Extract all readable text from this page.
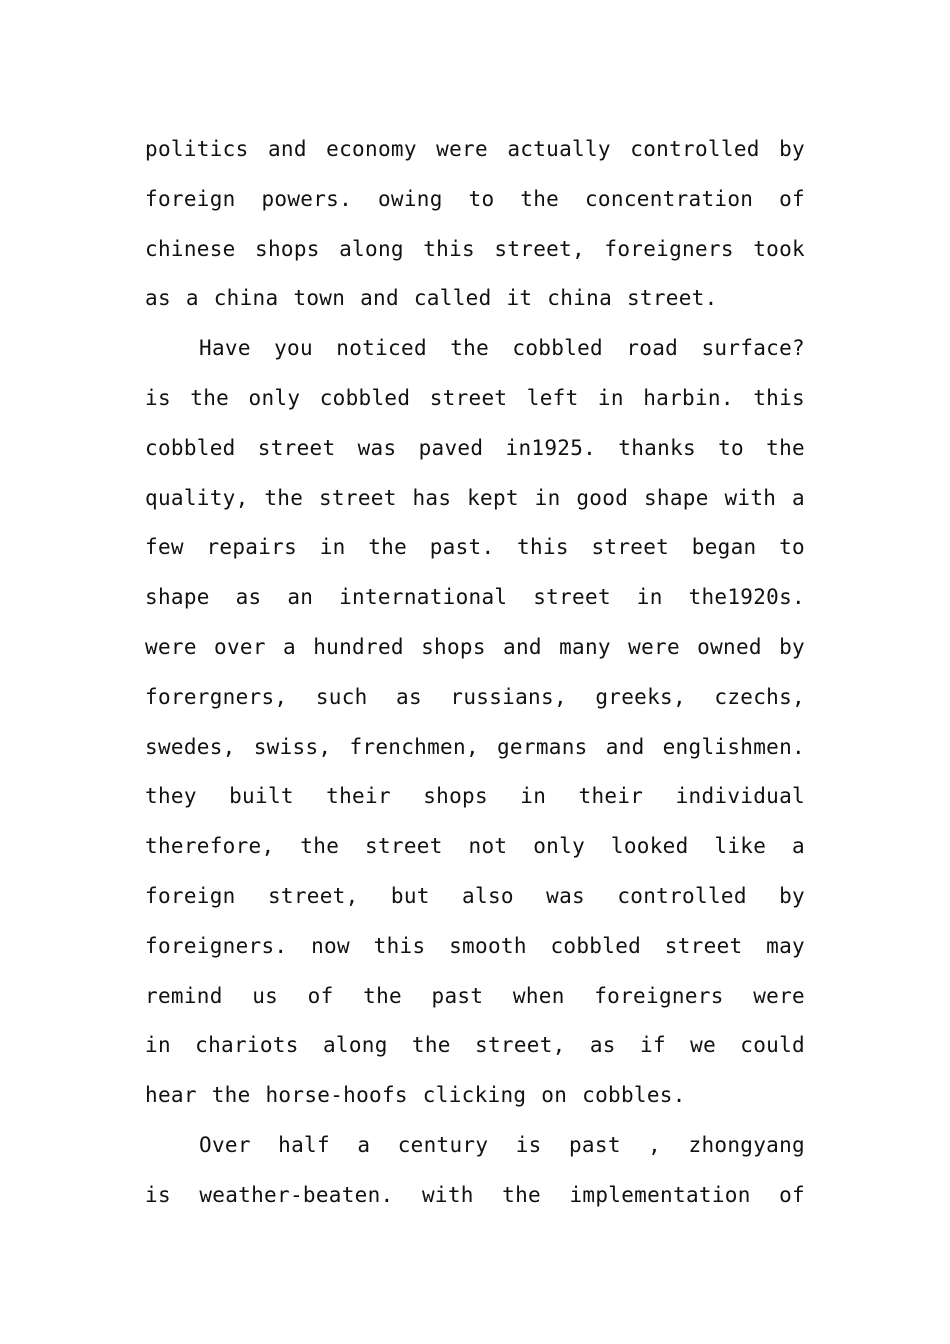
politics and economy were actually controlled by
foreign powers. owing to the concentration of
chinese shops along this street, foreigners took
as a china town and called it china street.
Have you noticed the cobbled road surface?
is the only cobbled street left in harbin. this
cobbled street was paved in1925. thanks to the
quality, the street has kept in good shape with a
few repairs in the past. this street began to
shape as an international street in the1920s.
were over a hundred shops and many were owned by
forergners, such as russians, greeks, czechs,
swedes, swiss, frenchmen, germans and englishmen.
they built their shops in their individual
therefore, the street not only looked like a
foreign street, but also was controlled by
foreigners. now this smooth cobbled street may
remind us of the past when foreigners were
in chariots along the street, as if we could
hear the horse-hoofs clicking on cobbles.
Over half a century is past , zhongyang
is weather-beaten. with the implementation of
